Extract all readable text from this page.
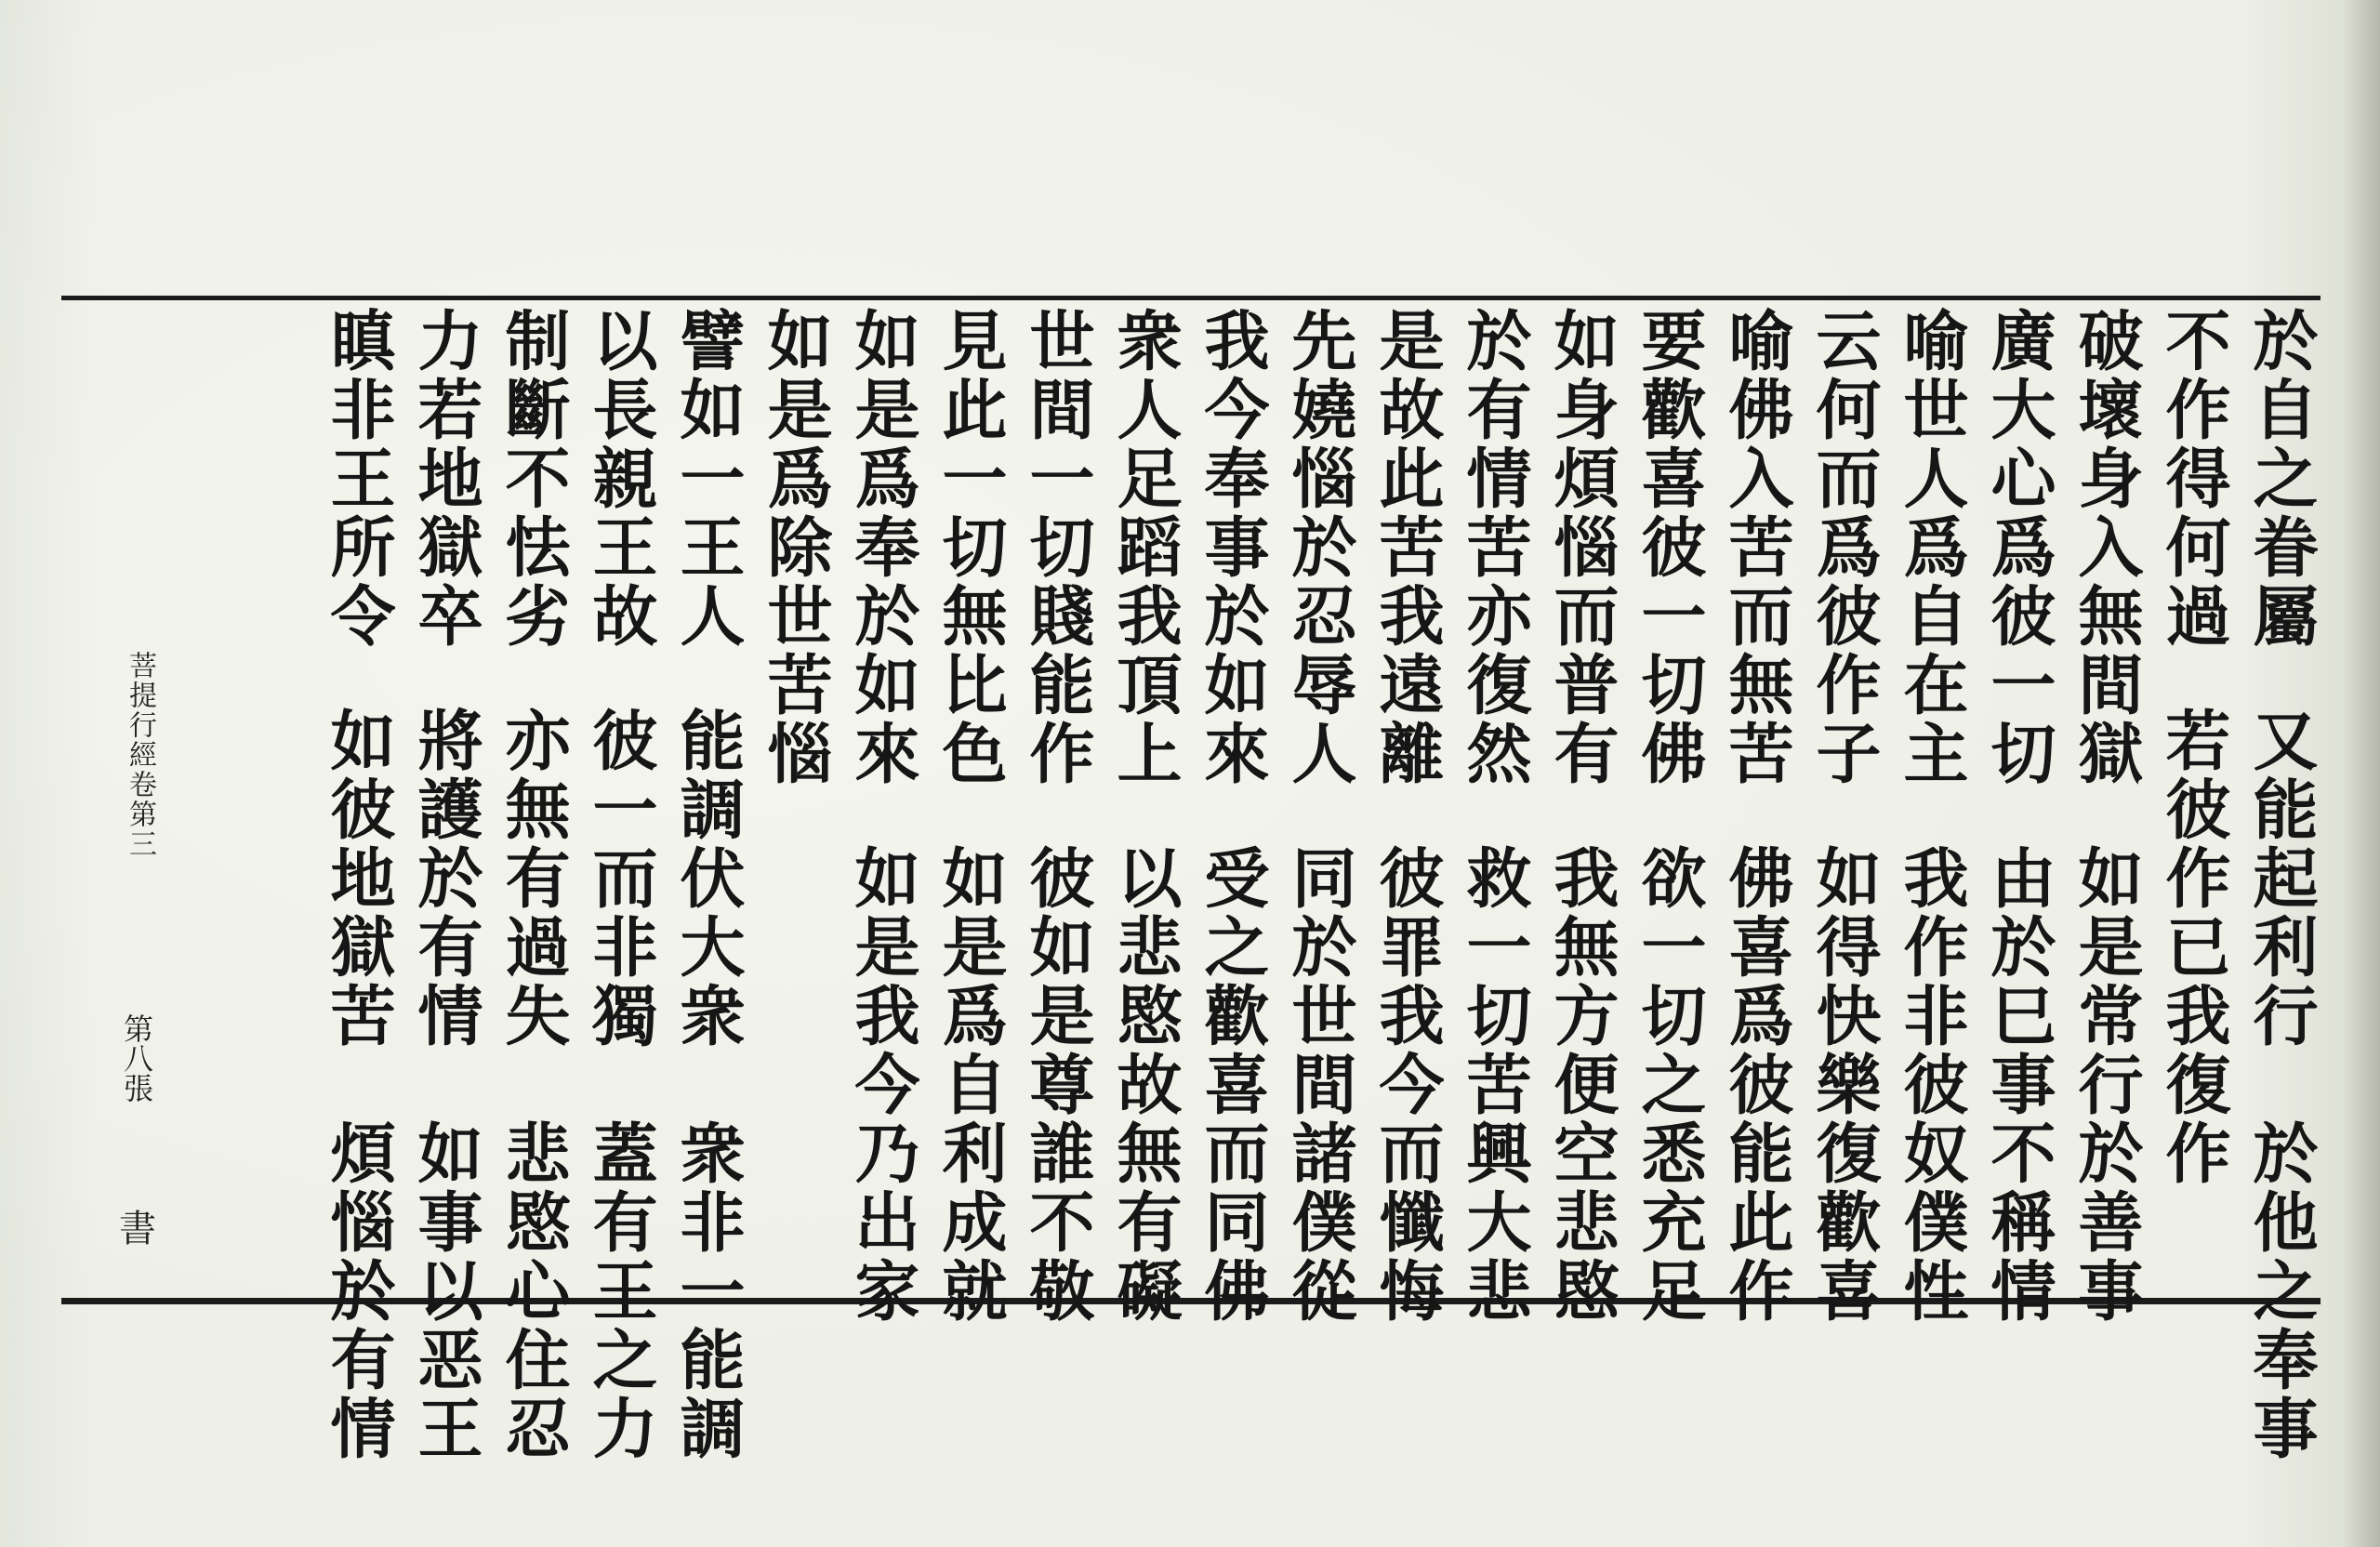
於自之眷屬又能起利行　於他之奉事
不作得何過若彼作已我復作
破壞身入無間獄如是常行於善事
廣大心爲彼一切由於巳事不稱情
喻世人爲自在主我作非彼奴僕性
云何而爲彼作子如得快樂復歡喜
喻佛入苦而無苦佛喜爲彼能此作
要歡喜彼一切佛欲一切之悉充足
如身煩惱而普有我無方便空悲愍
於有情苦亦復然救一切苦興大悲
是故此苦我遠離彼罪我今而懺悔
先嬈惱於忍辱人同於世間諸僕從
我今奉事於如來受之歡喜而同佛
衆人足蹈我頂上以悲愍故無有礙
世間一切賤能作彼如是尊誰不敬
見此一切無比色如是爲自利成就
如是爲奉於如來如是我今乃出家
如是爲除世苦惱
譬如一王人能調伏大衆　衆非一能調
以長親王故彼一而非獨　蓋有王之力
制斷不怯劣亦無有過失　悲愍心住忍
力若地獄卒將護於有情　如事以恶王
瞋非王所令如彼地獄苦　煩惱於有情
菩提行經卷第三
第八張
書
